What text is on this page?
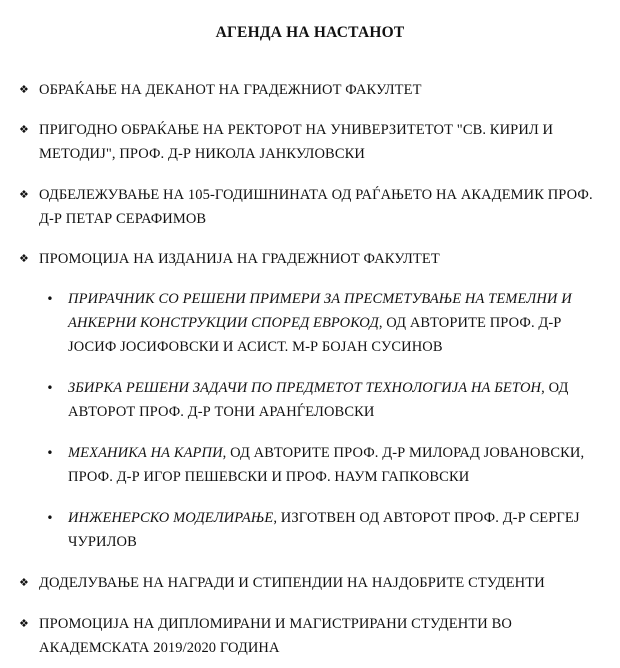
АГЕНДА НА НАСТАНОТ
❖ ОБРАЌАЊЕ НА ДЕКАНОТ НА ГРАДЕЖНИОТ ФАКУЛТЕТ
❖ ПРИГОДНО ОБРАЌАЊЕ НА РЕКТОРОТ НА УНИВЕРЗИТЕТОТ "СВ. КИРИЛ И МЕТОДИЈ", ПРОФ. Д-Р НИКОЛА ЈАНКУЛОВСКИ
❖ ОДБЕЛЕЖУВАЊЕ НА 105-ГОДИШНИНАТА ОД РАЃАЊЕТО НА АКАДЕМИК ПРОФ. Д-Р ПЕТАР СЕРАФИМОВ
❖ ПРОМОЦИЈА НА ИЗДАНИЈА НА ГРАДЕЖНИОТ ФАКУЛТЕТ
• ПРИРАЧНИК СО РЕШЕНИ ПРИМЕРИ ЗА ПРЕСМЕТУВАЊЕ НА ТЕМЕЛНИ И АНКЕРНИ КОНСТРУКЦИИ СПОРЕД ЕВРОКОД, ОД АВТОРИТЕ ПРОФ. Д-Р ЈОСИФ ЈОСИФОВСКИ И АСИСТ. М-Р БОЈАН СУСИНОВ
• ЗБИРКА РЕШЕНИ ЗАДАЧИ ПО ПРЕДМЕТОТ ТЕХНОЛОГИЈА НА БЕТОН, ОД АВТОРОТ ПРОФ. Д-Р ТОНИ АРАНЃЕЛОВСКИ
• МЕХАНИКА НА КАРПИ, ОД АВТОРИТЕ ПРОФ. Д-Р МИЛОРАД ЈОВАНОВСКИ, ПРОФ. Д-Р ИГОР ПЕШЕВСКИ И ПРОФ. НАУМ ГАПКОВСКИ
• ИНЖЕНЕРСКО МОДЕЛИРАЊЕ, ИЗГОТВЕН ОД АВТОРОТ ПРОФ. Д-Р СЕРГЕЈ ЧУРИЛОВ
❖ ДОДЕЛУВАЊЕ НА НАГРАДИ И СТИПЕНДИИ НА НАЈДОБРИТЕ СТУДЕНТИ
❖ ПРОМОЦИЈА НА ДИПЛОМИРАНИ И МАГИСТРИРАНИ СТУДЕНТИ ВО АКАДЕМСКАТА 2019/2020 ГОДИНА
